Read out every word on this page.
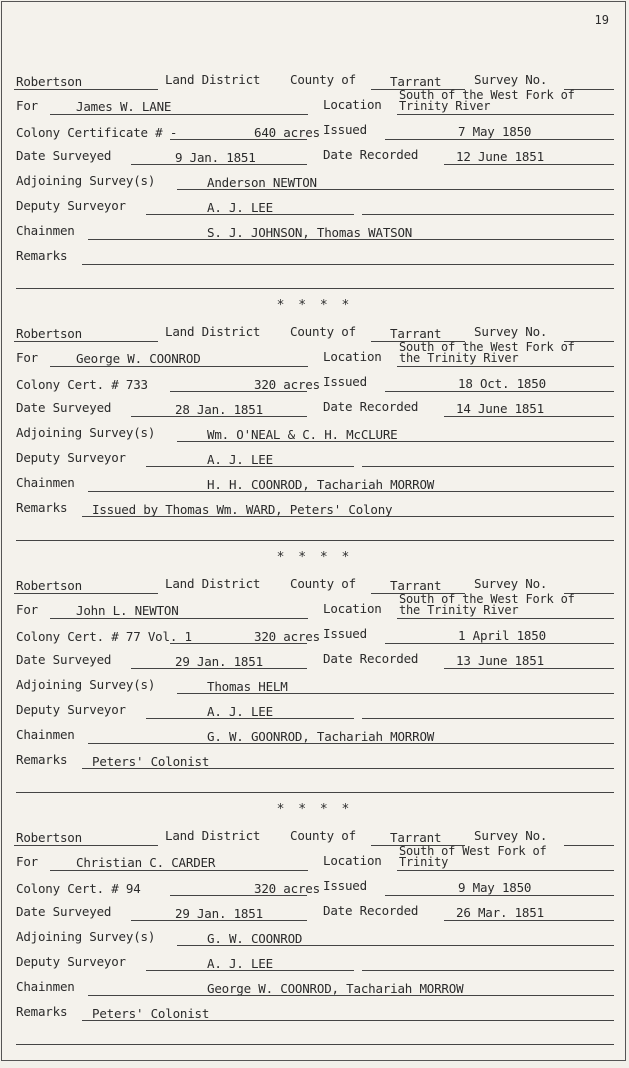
19
Robertson	Land District County of	Tarrant	Survey No.
For	James W. LANE	Location
South of the West Fork of
Trinity River
Colony Certificate # -	640 acres Issued	7 May 1850
Date Surveyed	9 Jan. 1851	Date Recorded	12 June 1851
Adjoining Survey(s)	Anderson NEWTON
Deputy Surveyor	A. J. LEE
Chainmen	S. J. JOHNSON, Thomas WATSON
Remarks
Robertson	Land District County of	Tarrant	Survey No.
For	George W. COONROD	Location
South of the West Fork of
the Trinity River
Colony Cert. # 733	320 acres Issued	18 Oct. 1850
Date Surveyed	28 Jan. 1851	Date Recorded	14 June 1851
Adjoining Survey(s)	Wm. O'NEAL & C. H. McCLURE
Deputy Surveyor	A. J. LEE
Chainmen	H. H. COONROD, Tachariah MORROW
Remarks Issued by Thomas Wm. WARD, Peters' Colony
Robertson	Land District County of	Tarrant	Survey No.
For	John L. NEWTON	Location
South of the West Fork of
the Trinity River
Colony Cert. # 77 Vol. 1	320 acres Issued	1 April 1850
Date Surveyed	29 Jan. 1851	Date Recorded	13 June 1851
Adjoining Survey(s)	Thomas HELM
Deputy Surveyor	A. J. LEE
Chainmen	G. W. GOONROD, Tachariah MORROW
Remarks Peters' Colonist
Robertson	Land District County of	Tarrant	Survey No.
For	Christian C. CARDER	Location
South of West Fork of
Trinity
Colony Cert. # 94	320 acres Issued	9 May 1850
Date Surveyed	29 Jan. 1851	Date Recorded	26 Mar. 1851
Adjoining Survey(s)	G. W. COONROD
Deputy Surveyor	A. J. LEE
Chainmen	George W. COONROD, Tachariah MORROW
Remarks Peters' Colonist
* * * *
* * * *
* * * *
